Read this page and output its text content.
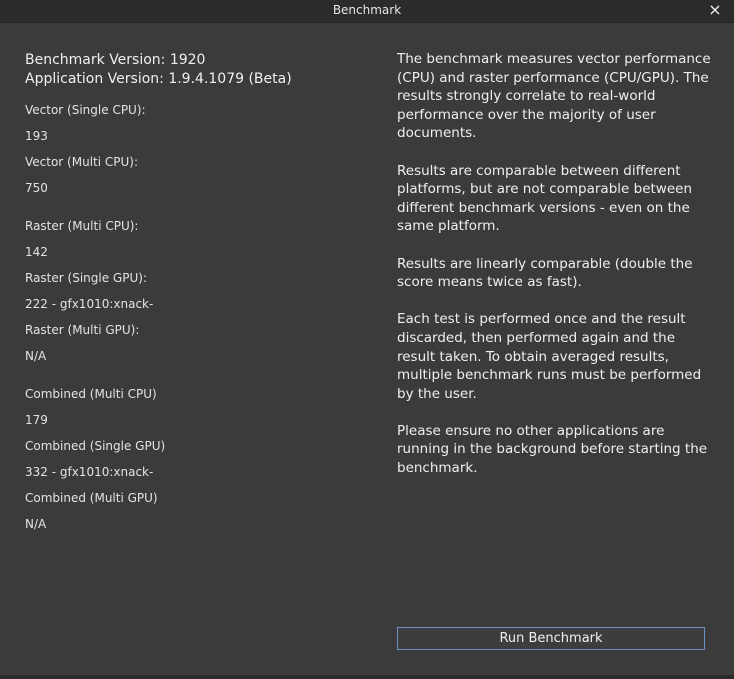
Benchmark	×
Benchmark Version: 1920
Application Version: 1.9.4.1079 (Beta)
Vector (Single CPU):
193
Vector (Multi CPU):
750
Raster (Multi CPU):
142
Raster (Single GPU):
222 - gfx1010:xnack-
Raster (Multi GPU):
N/A
Combined (Multi CPU)
179
Combined (Single GPU)
332 - gfx1010:xnack-
Combined (Multi GPU)
N/A

The benchmark measures vector performance (CPU) and raster performance (CPU/GPU). The results strongly correlate to real-world performance over the majority of user documents.

Results are comparable between different platforms, but are not comparable between different benchmark versions - even on the same platform.

Results are linearly comparable (double the score means twice as fast).

Each test is performed once and the result discarded, then performed again and the result taken. To obtain averaged results, multiple benchmark runs must be performed by the user.

Please ensure no other applications are running in the background before starting the benchmark.

Run Benchmark
